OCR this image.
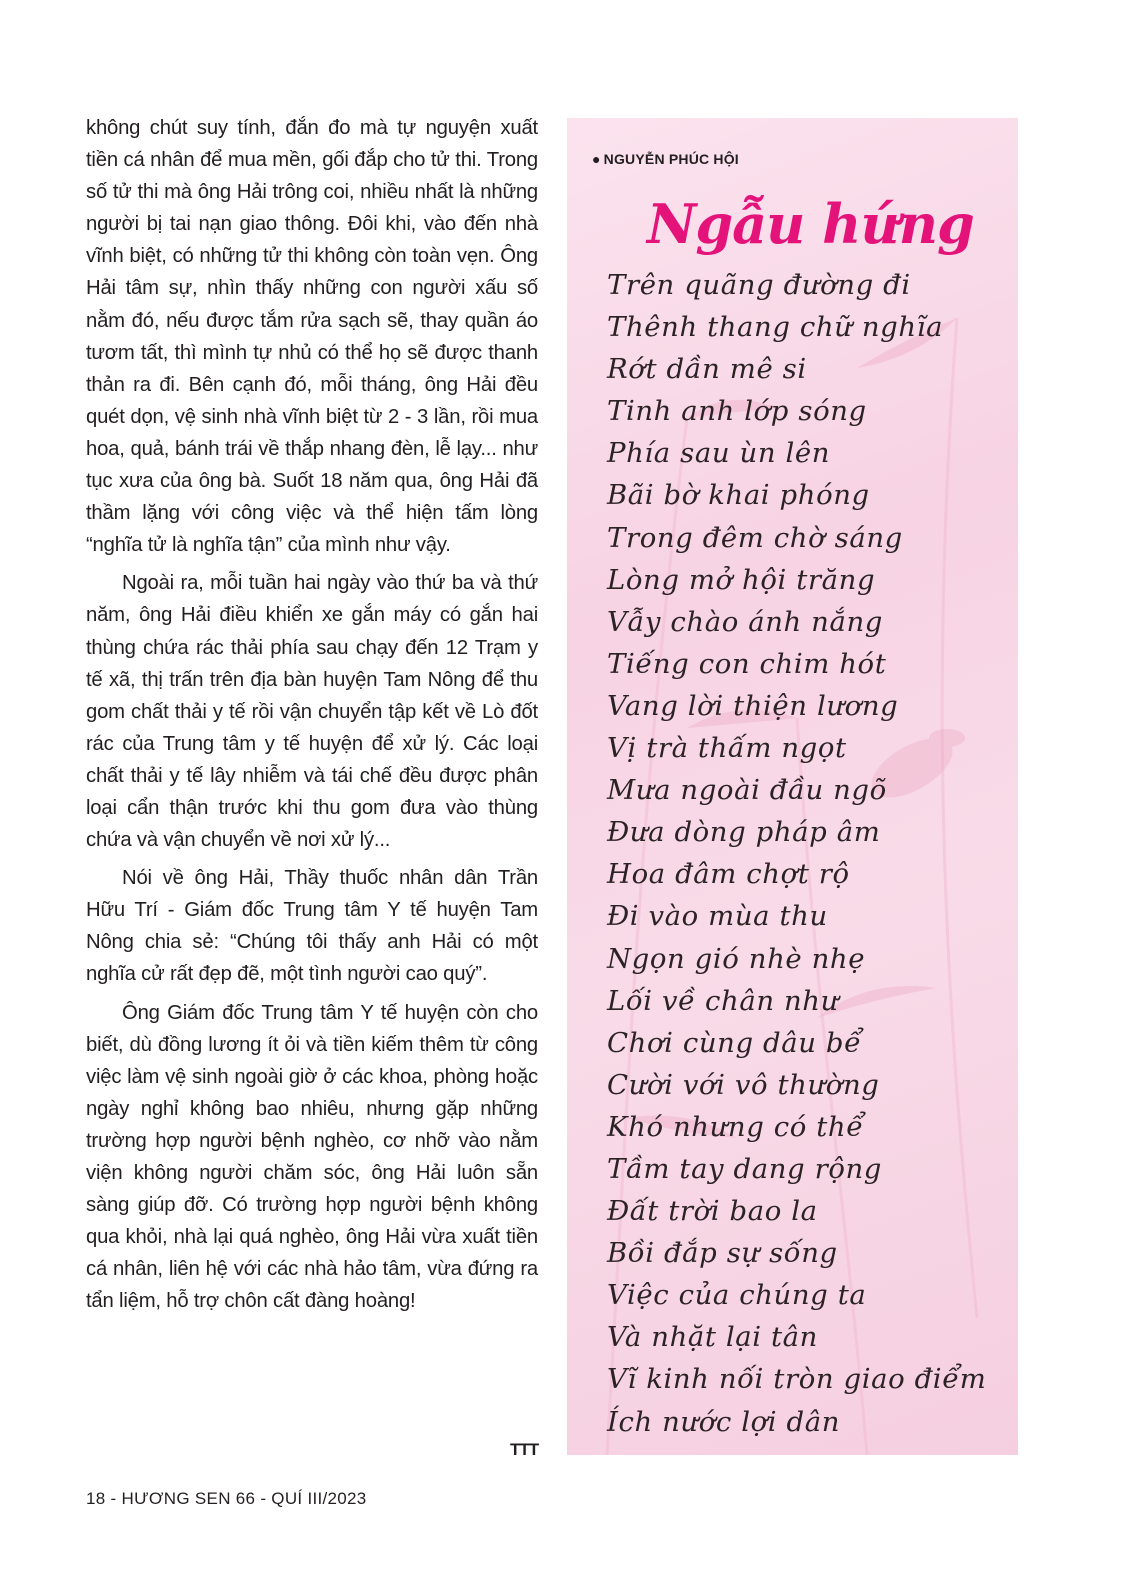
không chút suy tính, đắn đo mà tự nguyện xuất tiền cá nhân để mua mền, gối đắp cho tử thi. Trong số tử thi mà ông Hải trông coi, nhiều nhất là những người bị tai nạn giao thông. Đôi khi, vào đến nhà vĩnh biệt, có những tử thi không còn toàn vẹn. Ông Hải tâm sự, nhìn thấy những con người xấu số nằm đó, nếu được tắm rửa sạch sẽ, thay quần áo tươm tất, thì mình tự nhủ có thể họ sẽ được thanh thản ra đi. Bên cạnh đó, mỗi tháng, ông Hải đều quét dọn, vệ sinh nhà vĩnh biệt từ 2 - 3 lần, rồi mua hoa, quả, bánh trái về thắp nhang đèn, lễ lạy... như tục xưa của ông bà. Suốt 18 năm qua, ông Hải đã thầm lặng với công việc và thể hiện tấm lòng “nghĩa tử là nghĩa tận” của mình như vậy.

Ngoài ra, mỗi tuần hai ngày vào thứ ba và thứ năm, ông Hải điều khiển xe gắn máy có gắn hai thùng chứa rác thải phía sau chạy đến 12 Trạm y tế xã, thị trấn trên địa bàn huyện Tam Nông để thu gom chất thải y tế rồi vận chuyển tập kết về Lò đốt rác của Trung tâm y tế huyện để xử lý. Các loại chất thải y tế lây nhiễm và tái chế đều được phân loại cẩn thận trước khi thu gom đưa vào thùng chứa và vận chuyển về nơi xử lý...

Nói về ông Hải, Thầy thuốc nhân dân Trần Hữu Trí - Giám đốc Trung tâm Y tế huyện Tam Nông chia sẻ: “Chúng tôi thấy anh Hải có một nghĩa cử rất đẹp đẽ, một tình người cao quý”.

Ông Giám đốc Trung tâm Y tế huyện còn cho biết, dù đồng lương ít ỏi và tiền kiếm thêm từ công việc làm vệ sinh ngoài giờ ở các khoa, phòng hoặc ngày nghỉ không bao nhiêu, nhưng gặp những trường hợp người bệnh nghèo, cơ nhỡ vào nằm viện không người chăm sóc, ông Hải luôn sẵn sàng giúp đỡ. Có trường hợp người bệnh không qua khỏi, nhà lại quá nghèo, ông Hải vừa xuất tiền cá nhân, liên hệ với các nhà hảo tâm, vừa đứng ra tẩn liệm, hỗ trợ chôn cất đàng hoàng!

TTT
18 - HƯƠNG SEN 66 - QUÍ III/2023
● NGUYỄN PHÚC HỘI
Ngẫu hứng
Trên quãng đường đi
Thênh thang chữ nghĩa
Rớt dần mê si
Tinh anh lớp sóng
Phía sau ùn lên
Bãi bờ khai phóng
Trong đêm chờ sáng
Lòng mở hội trăng
Vẫy chào ánh nắng
Tiếng con chim hót
Vang lời thiện lương
Vị trà thấm ngọt
Mưa ngoài đầu ngõ
Đưa dòng pháp âm
Hoa đâm chợt rộ
Đi vào mùa thu
Ngọn gió nhè nhẹ
Lối về chân như
Chơi cùng dâu bể
Cười với vô thường
Khó nhưng có thể
Tầm tay dang rộng
Đất trời bao la
Bồi đắp sự sống
Việc của chúng ta
Và nhặt lại tân
Vĩ kinh nối tròn giao điểm
Ích nước lợi dân
